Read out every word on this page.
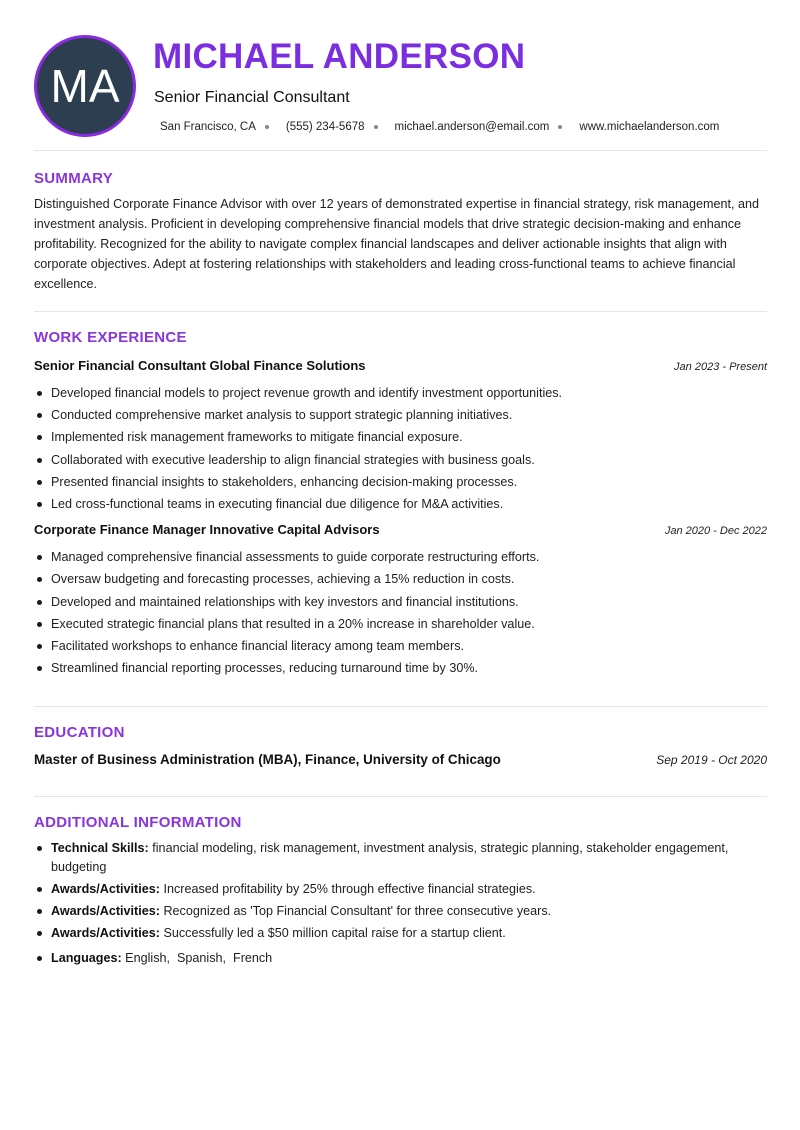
MA
MICHAEL ANDERSON
Senior Financial Consultant
San Francisco, CA	(555) 234-5678	michael.anderson@email.com	www.michaelanderson.com
SUMMARY

Distinguished Corporate Finance Advisor with over 12 years of demonstrated expertise in financial strategy, risk management, and investment analysis. Proficient in developing comprehensive financial models that drive strategic decision-making and enhance profitability. Recognized for the ability to navigate complex financial landscapes and deliver actionable insights that align with corporate objectives. Adept at fostering relationships with stakeholders and leading cross-functional teams to achieve financial excellence.

WORK EXPERIENCE
Senior Financial Consultant Global Finance Solutions	Jan 2023 - Present
Developed financial models to project revenue growth and identify investment opportunities.
Conducted comprehensive market analysis to support strategic planning initiatives.
Implemented risk management frameworks to mitigate financial exposure.
Collaborated with executive leadership to align financial strategies with business goals.
Presented financial insights to stakeholders, enhancing decision-making processes.
Led cross-functional teams in executing financial due diligence for M&A activities.
Corporate Finance Manager Innovative Capital Advisors	Jan 2020 - Dec 2022
Managed comprehensive financial assessments to guide corporate restructuring efforts.
Oversaw budgeting and forecasting processes, achieving a 15% reduction in costs.
Developed and maintained relationships with key investors and financial institutions.
Executed strategic financial plans that resulted in a 20% increase in shareholder value.
Facilitated workshops to enhance financial literacy among team members.
Streamlined financial reporting processes, reducing turnaround time by 30%.
EDUCATION
Master of Business Administration (MBA), Finance, University of Chicago	Sep 2019 - Oct 2020
ADDITIONAL INFORMATION
Technical Skills: financial modeling, risk management, investment analysis, strategic planning, stakeholder engagement, budgeting
Awards/Activities: Increased profitability by 25% through effective financial strategies.
Awards/Activities: Recognized as 'Top Financial Consultant' for three consecutive years.
Awards/Activities: Successfully led a $50 million capital raise for a startup client.
Languages: English,  Spanish,  French
